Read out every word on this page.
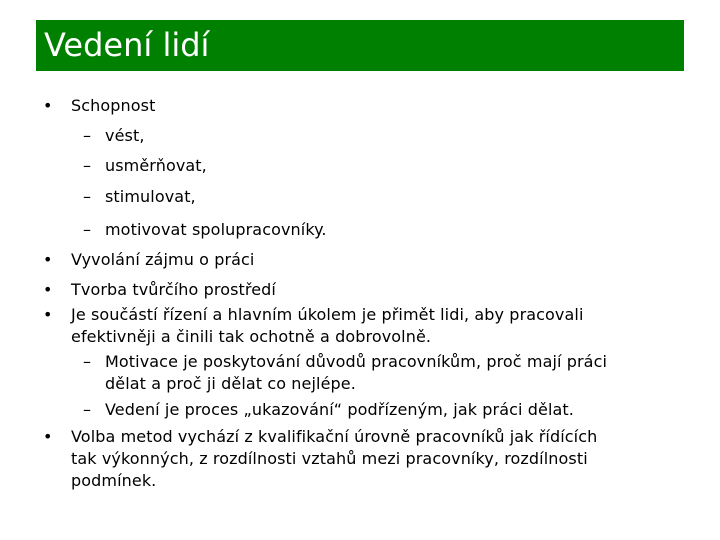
Vedení lidí
• Schopnost
– vést,
– usměrňovat,
– stimulovat,
– motivovat spolupracovníky.
• Vyvolání zájmu o práci
• Tvorba tvůrčího prostředí
• Je součástí řízení a hlavním úkolem je přimět lidi, aby pracovali
efektivněji a činili tak ochotně a dobrovolně.
– Motivace je poskytování důvodů pracovníkům, proč mají práci
dělat a proč ji dělat co nejlépe.
– Vedení je proces „ukazování“ podřízeným, jak práci dělat.
• Volba metod vychází z kvalifikační úrovně pracovníků jak řídících
tak výkonných, z rozdílnosti vztahů mezi pracovníky, rozdílnosti
podmínek.
